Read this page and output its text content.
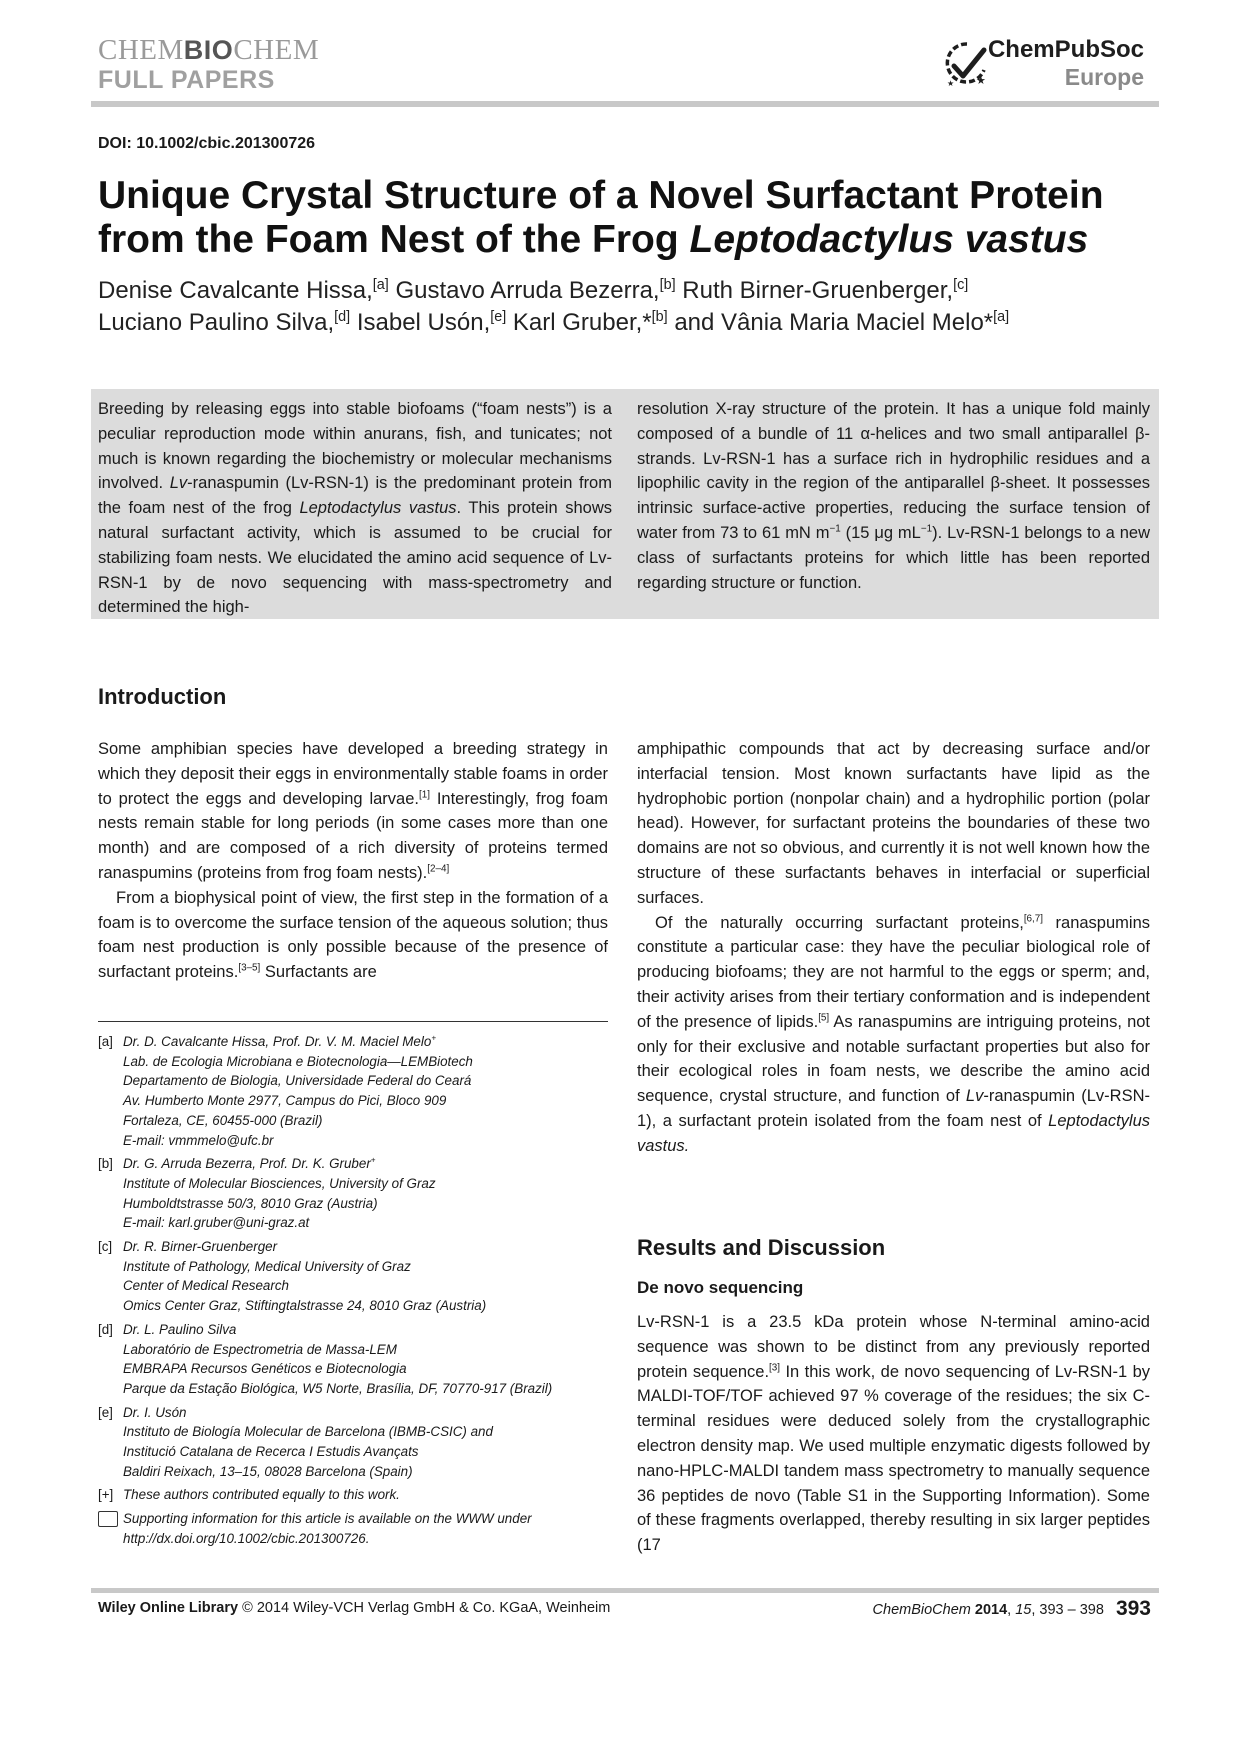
CHEMBIOCHEM
FULL PAPERS	★
★
ChemPubSoc
Europe
DOI: 10.1002/cbic.201300726
Unique Crystal Structure of a Novel Surfactant Protein
from the Foam Nest of the Frog Leptodactylus vastus
Denise Cavalcante Hissa,[a] Gustavo Arruda Bezerra,[b] Ruth Birner-Gruenberger,[c]
Luciano Paulino Silva,[d] Isabel Usón,[e] Karl Gruber,*[b] and Vânia Maria Maciel Melo*[a]
Breeding by releasing eggs into stable biofoams (“foam nests”) is a peculiar reproduction mode within anurans, fish, and tunicates; not much is known regarding the biochemistry or molecular mechanisms involved. Lv-ranaspumin (Lv-RSN-1) is the predominant protein from the foam nest of the frog Leptodactylus vastus. This protein shows natural surfactant activity, which is assumed to be crucial for stabilizing foam nests. We elucidated the amino acid sequence of Lv-RSN-1 by de novo sequencing with mass-spectrometry and determined the high-
resolution X-ray structure of the protein. It has a unique fold mainly composed of a bundle of 11 α-helices and two small antiparallel β-strands. Lv-RSN-1 has a surface rich in hydrophilic residues and a lipophilic cavity in the region of the antiparallel β-sheet. It possesses intrinsic surface-active properties, reducing the surface tension of water from 73 to 61 mN $m^{-1}$ (15 μg $mL^{-1}$). Lv-RSN-1 belongs to a new class of surfactants proteins for which little has been reported regarding structure or function.
Introduction

Some amphibian species have developed a breeding strategy in which they deposit their eggs in environmentally stable foams in order to protect the eggs and developing larvae.[1] Interestingly, frog foam nests remain stable for long periods (in some cases more than one month) and are composed of a rich diversity of proteins termed ranaspumins (proteins from frog foam nests).[2–4]

From a biophysical point of view, the first step in the formation of a foam is to overcome the surface tension of the aqueous solution; thus foam nest production is only possible because of the presence of surfactant proteins.[3–5] Surfactants are

amphipathic compounds that act by decreasing surface and/or interfacial tension. Most known surfactants have lipid as the hydrophobic portion (nonpolar chain) and a hydrophilic portion (polar head). However, for surfactant proteins the boundaries of these two domains are not so obvious, and currently it is not well known how the structure of these surfactants behaves in interfacial or superficial surfaces.

Of the naturally occurring surfactant proteins,[6,7] ranaspumins constitute a particular case: they have the peculiar biological role of producing biofoams; they are not harmful to the eggs or sperm; and, their activity arises from their tertiary conformation and is independent of the presence of lipids.[5] As ranaspumins are intriguing proteins, not only for their exclusive and notable surfactant properties but also for their ecological roles in foam nests, we describe the amino acid sequence, crystal structure, and function of Lv-ranaspumin (Lv-RSN-1), a surfactant protein isolated from the foam nest of Leptodactylus vastus.

[a] Dr. D. Cavalcante Hissa, Prof. Dr. V. M. Maciel Melo+
Lab. de Ecologia Microbiana e Biotecnologia—LEMBiotech
Departamento de Biologia, Universidade Federal do Ceará
Av. Humberto Monte 2977, Campus do Pici, Bloco 909
Fortaleza, CE, 60455-000 (Brazil)
E-mail: vmmmelo@ufc.br
[b] Dr. G. Arruda Bezerra, Prof. Dr. K. Gruber+
Institute of Molecular Biosciences, University of Graz
Humboldtstrasse 50/3, 8010 Graz (Austria)
E-mail: karl.gruber@uni-graz.at
[c] Dr. R. Birner-Gruenberger
Institute of Pathology, Medical University of Graz
Center of Medical Research
Omics Center Graz, Stiftingtalstrasse 24, 8010 Graz (Austria)
[d] Dr. L. Paulino Silva
Laboratório de Espectrometria de Massa-LEM
EMBRAPA Recursos Genéticos e Biotecnologia
Parque da Estação Biológica, W5 Norte, Brasília, DF, 70770-917 (Brazil)
[e] Dr. I. Usón
Instituto de Biología Molecular de Barcelona (IBMB-CSIC) and
Institució Catalana de Recerca I Estudis Avançats
Baldiri Reixach, 13–15, 08028 Barcelona (Spain)
[+] These authors contributed equally to this work.
Supporting information for this article is available on the WWW under
http://dx.doi.org/10.1002/cbic.201300726.
Results and Discussion
De novo sequencing
Lv-RSN-1 is a 23.5 kDa protein whose N-terminal amino-acid sequence was shown to be distinct from any previously reported protein sequence.[3] In this work, de novo sequencing of Lv-RSN-1 by MALDI-TOF/TOF achieved 97 % coverage of the residues; the six C-terminal residues were deduced solely from the crystallographic electron density map. We used multiple enzymatic digests followed by nano-HPLC-MALDI tandem mass spectrometry to manually sequence 36 peptides de novo (Table S1 in the Supporting Information). Some of these fragments overlapped, thereby resulting in six larger peptides (17
Wiley Online Library © 2014 Wiley-VCH Verlag GmbH & Co. KGaA, Weinheim	ChemBioChem 2014, 15, 393 – 398 393
